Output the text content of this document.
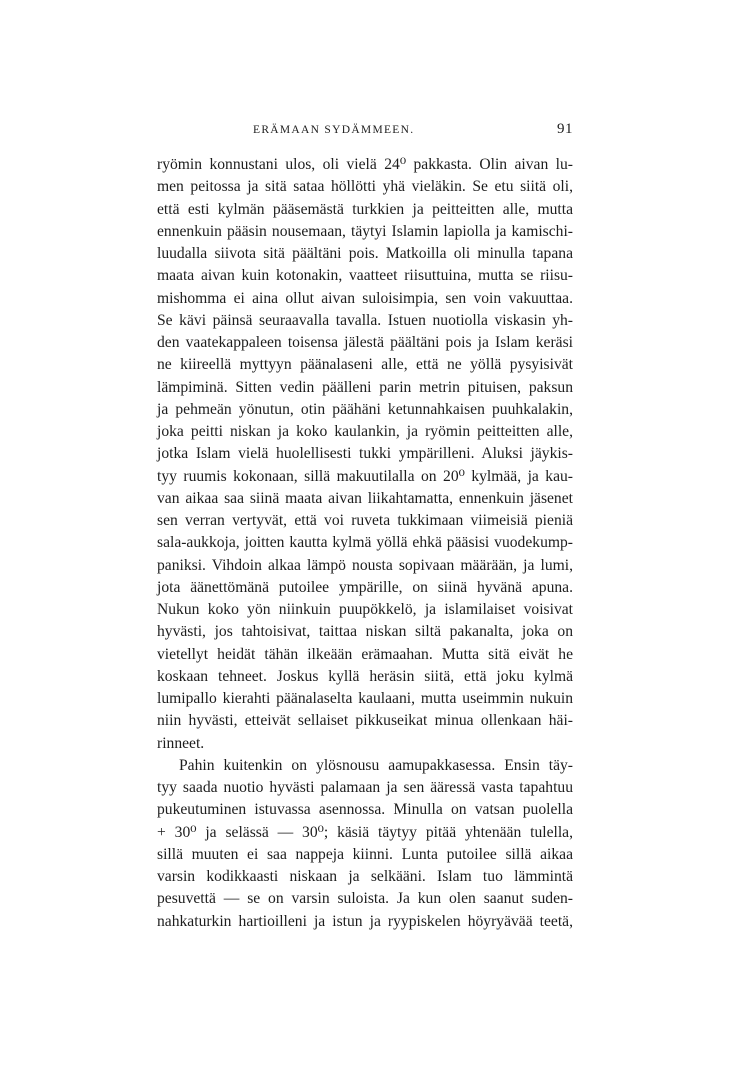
ERÄMAAN SYDÄMMEEN.	91
ryömin konnustani ulos, oli vielä 24⁰ pakkasta. Olin aivan lu-
men peitossa ja sitä sataa höllötti yhä vieläkin. Se etu siitä oli,
että esti kylmän pääsemästä turkkien ja peitteitten alle, mutta
ennenkuin pääsin nousemaan, täytyi Islamin lapiolla ja kamischi-
luudalla siivota sitä päältäni pois. Matkoilla oli minulla tapana
maata aivan kuin kotonakin, vaatteet riisuttuina, mutta se riisu-
mishomma ei aina ollut aivan suloisimpia, sen voin vakuuttaa.
Se kävi päinsä seuraavalla tavalla. Istuen nuotiolla viskasin yh-
den vaatekappaleen toisensa jälestä päältäni pois ja Islam keräsi
ne kiireellä myttyyn päänalaseni alle, että ne yöllä pysyisivät
lämpiminä. Sitten vedin päälleni parin metrin pituisen, paksun
ja pehmeän yönutun, otin päähäni ketunnahkaisen puuhkalakin,
joka peitti niskan ja koko kaulankin, ja ryömin peitteitten alle,
jotka Islam vielä huolellisesti tukki ympärilleni. Aluksi jäykis-
tyy ruumis kokonaan, sillä makuutilalla on 20⁰ kylmää, ja kau-
van aikaa saa siinä maata aivan liikahtamatta, ennenkuin jäsenet
sen verran vertyvät, että voi ruveta tukkimaan viimeisiä pieniä
sala-aukkoja, joitten kautta kylmä yöllä ehkä pääsisi vuodekump-
paniksi. Vihdoin alkaa lämpö nousta sopivaan määrään, ja lumi,
jota äänettömänä putoilee ympärille, on siinä hyvänä apuna.
Nukun koko yön niinkuin puupökkelö, ja islamilaiset voisivat
hyvästi, jos tahtoisivat, taittaa niskan siltä pakanalta, joka on
vietellyt heidät tähän ilkeään erämaahan. Mutta sitä eivät he
koskaan tehneet. Joskus kyllä heräsin siitä, että joku kylmä
lumipallo kierahti päänalaselta kaulaani, mutta useimmin nukuin
niin hyvästi, etteivät sellaiset pikkuseikat minua ollenkaan häi-
rinneet.
Pahin kuitenkin on ylösnousu aamupakkasessa. Ensin täy-
tyy saada nuotio hyvästi palamaan ja sen ääressä vasta tapahtuu
pukeutuminen istuvassa asennossa. Minulla on vatsan puolella
+ 30⁰ ja selässä — 30⁰; käsiä täytyy pitää yhtenään tulella,
sillä muuten ei saa nappeja kiinni. Lunta putoilee sillä aikaa
varsin kodikkaasti niskaan ja selkääni. Islam tuo lämmintä
pesuvettä — se on varsin suloista. Ja kun olen saanut suden-
nahkaturkin hartioilleni ja istun ja ryypiskelen höyryävää teetä,
